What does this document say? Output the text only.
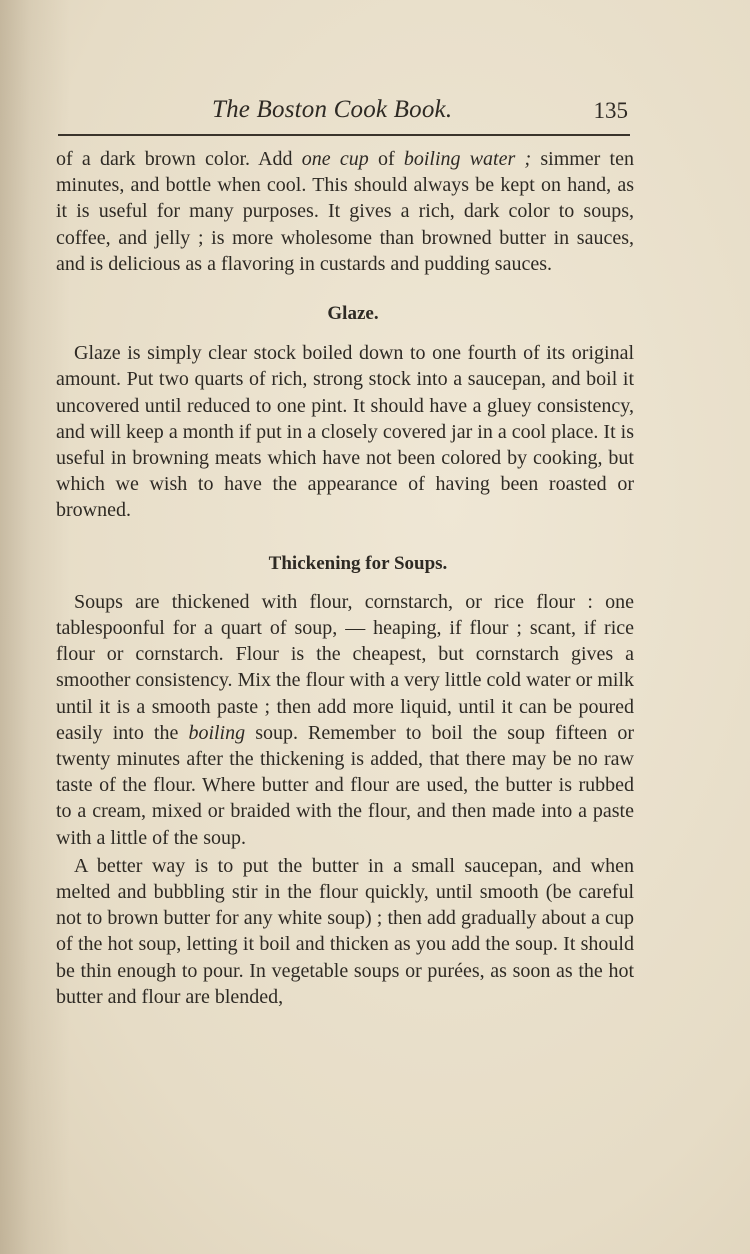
The Boston Cook Book.	135

of a dark brown color. Add one cup of boiling water ; simmer ten minutes, and bottle when cool. This should always be kept on hand, as it is useful for many purposes. It gives a rich, dark color to soups, coffee, and jelly ; is more wholesome than browned butter in sauces, and is delicious as a flavoring in custards and pudding sauces.

Glaze.

Glaze is simply clear stock boiled down to one fourth of its original amount. Put two quarts of rich, strong stock into a saucepan, and boil it uncovered until reduced to one pint. It should have a gluey consistency, and will keep a month if put in a closely covered jar in a cool place. It is useful in browning meats which have not been colored by cooking, but which we wish to have the appearance of having been roasted or browned.

Thickening for Soups.

Soups are thickened with flour, cornstarch, or rice flour : one tablespoonful for a quart of soup, — heaping, if flour ; scant, if rice flour or cornstarch. Flour is the cheapest, but cornstarch gives a smoother consistency. Mix the flour with a very little cold water or milk until it is a smooth paste ; then add more liquid, until it can be poured easily into the boiling soup. Remember to boil the soup fifteen or twenty minutes after the thickening is added, that there may be no raw taste of the flour. Where butter and flour are used, the butter is rubbed to a cream, mixed or braided with the flour, and then made into a paste with a little of the soup.

A better way is to put the butter in a small saucepan, and when melted and bubbling stir in the flour quickly, until smooth (be careful not to brown butter for any white soup) ; then add gradually about a cup of the hot soup, letting it boil and thicken as you add the soup. It should be thin enough to pour. In vegetable soups or purées, as soon as the hot butter and flour are blended,
